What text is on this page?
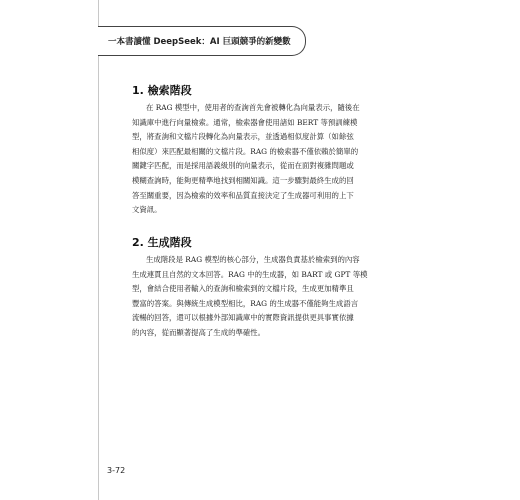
一本書讀懂 DeepSeek：AI 巨頭競爭的新變數
1. 檢索階段

在 RAG 模型中，使用者的查詢首先會被轉化為向量表示，隨後在

知識庫中進行向量檢索。通常，檢索器會使用諸如 BERT 等預訓練模

型，將查詢和文檔片段轉化為向量表示，並透過相似度計算（如餘弦

相似度）來匹配最相關的文檔片段。RAG 的檢索器不僅依賴於簡單的

關鍵字匹配，而是採用語義級別的向量表示，從而在面對複雜問題或

模糊查詢時，能夠更精準地找到相關知識。這一步驟對最終生成的回

答至關重要，因為檢索的效率和品質直接決定了生成器可利用的上下

文資訊。

2. 生成階段

生成階段是 RAG 模型的核心部分，生成器負責基於檢索到的內容

生成連貫且自然的文本回答。RAG 中的生成器，如 BART 或 GPT 等模

型，會結合使用者輸入的查詢和檢索到的文檔片段，生成更加精準且

豐富的答案。與傳統生成模型相比，RAG 的生成器不僅能夠生成語言

流暢的回答，還可以根據外部知識庫中的實際資訊提供更具事實依據

的內容，從而顯著提高了生成的準確性。

3-72
